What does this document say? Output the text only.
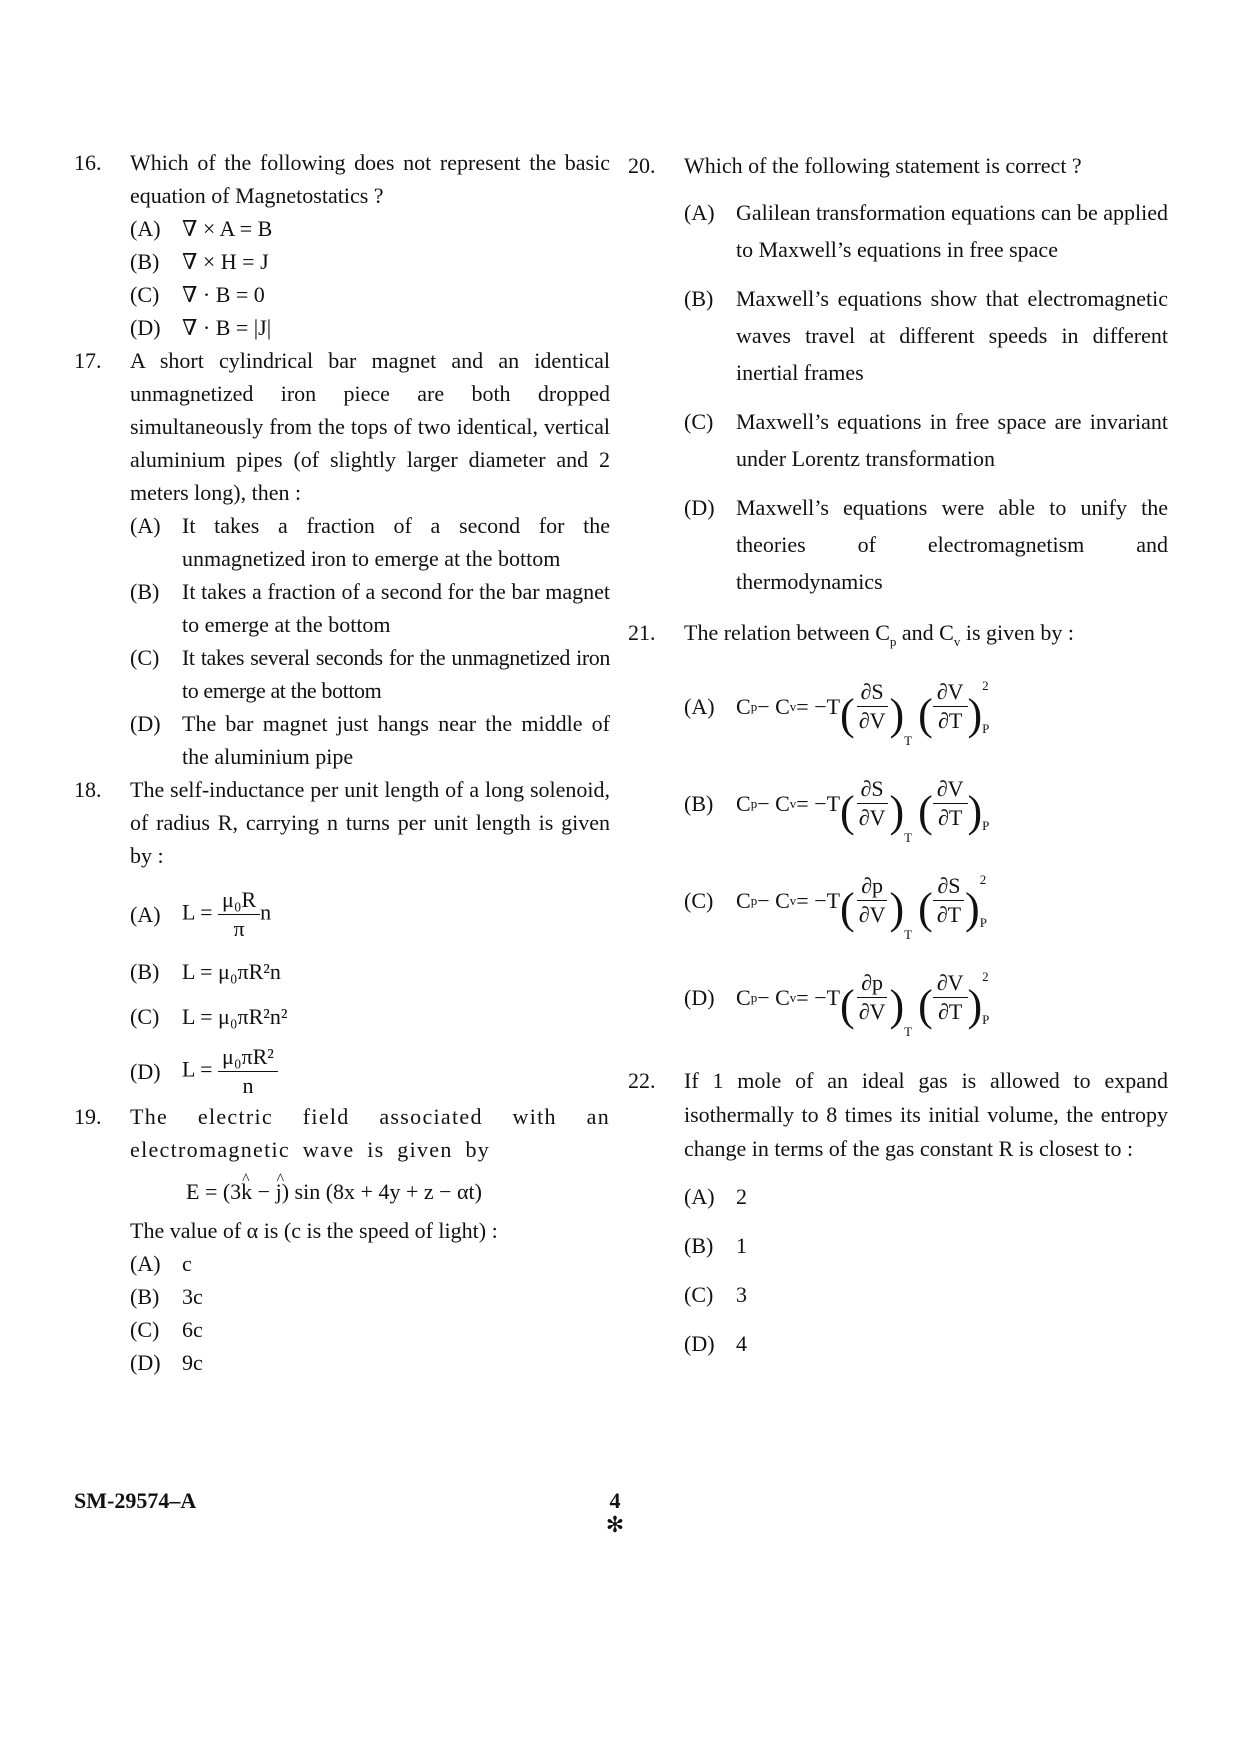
16.	Which of the following does not represent the basic equation of Magnetostatics ?
(A) ∇ × A = B
(B)	∇ × H = J
(C)	∇ · B = 0
(D) ∇ · B = |J|
17.	A short cylindrical bar magnet and an identical unmagnetized iron piece are both dropped simultaneously from the tops of two identical, vertical aluminium pipes (of slightly larger diameter and 2 meters long), then :
(A) It takes a fraction of a second for the unmagnetized iron to emerge at the bottom
(B)	It takes a fraction of a second for the bar magnet to emerge at the bottom
(C)	It takes several seconds for the unmagnetized iron to emerge at the bottom
(D) The bar magnet just hangs near the middle of the aluminium pipe
18.	The self-inductance per unit length of a long solenoid, of radius R, carrying n turns per unit length is given by :
(A) $L = \frac{\text{μ₀R}}{\pi}$ n
(B)	L = μ₀πR²n
(C)	L = μ₀πR²n²
(D) $L = \frac{\text{μ₀πR²}}{n}$
19.	The electric field associated with an electromagnetic wave is given by
E = (3^ k − ^ j) sin (8x + 4y + z − αt)
The value of α is (c is the speed of light) :
(A) c
(B)	3c
(C)	6c
(D) 9c
20.	Which of the following statement is correct ?
(A) Galilean transformation equations can be applied to Maxwell’s equations in free space
(B)	Maxwell’s equations show that electromagnetic waves travel at different speeds in different inertial frames
(C)	Maxwell’s equations in free space are invariant under Lorentz transformation
(D) Maxwell’s equations were able to unify the theories of electromagnetism and thermodynamics
21.	The relation between $C_p$ and $C_v$ is given by :
(A) C p − C v = −T ( $\frac{\partial S}{\partial V}$ )
T
( $\frac{\partial V}{\partial T}$ )
2
P
(B)	C p − C v = −T ( $\frac{\partial S}{\partial V}$ )
T
( $\frac{\partial V}{\partial T}$ ) P
(C)	C p − C v = −T ( $\frac{\partial p}{\partial V}$ )
T
( $\frac{\partial S}{\partial T}$ )
2
P
(D) C p − C v = −T ( $\frac{\partial p}{\partial V}$ )
T
( $\frac{\partial V}{\partial T}$ )
2
P
22.	If 1 mole of an ideal gas is allowed to expand isothermally to 8 times its initial volume, the entropy change in terms of the gas constant R is closest to :
(A) 2
(B)	1
(C)	3
(D) 4
SM-29574–A	4
✻
